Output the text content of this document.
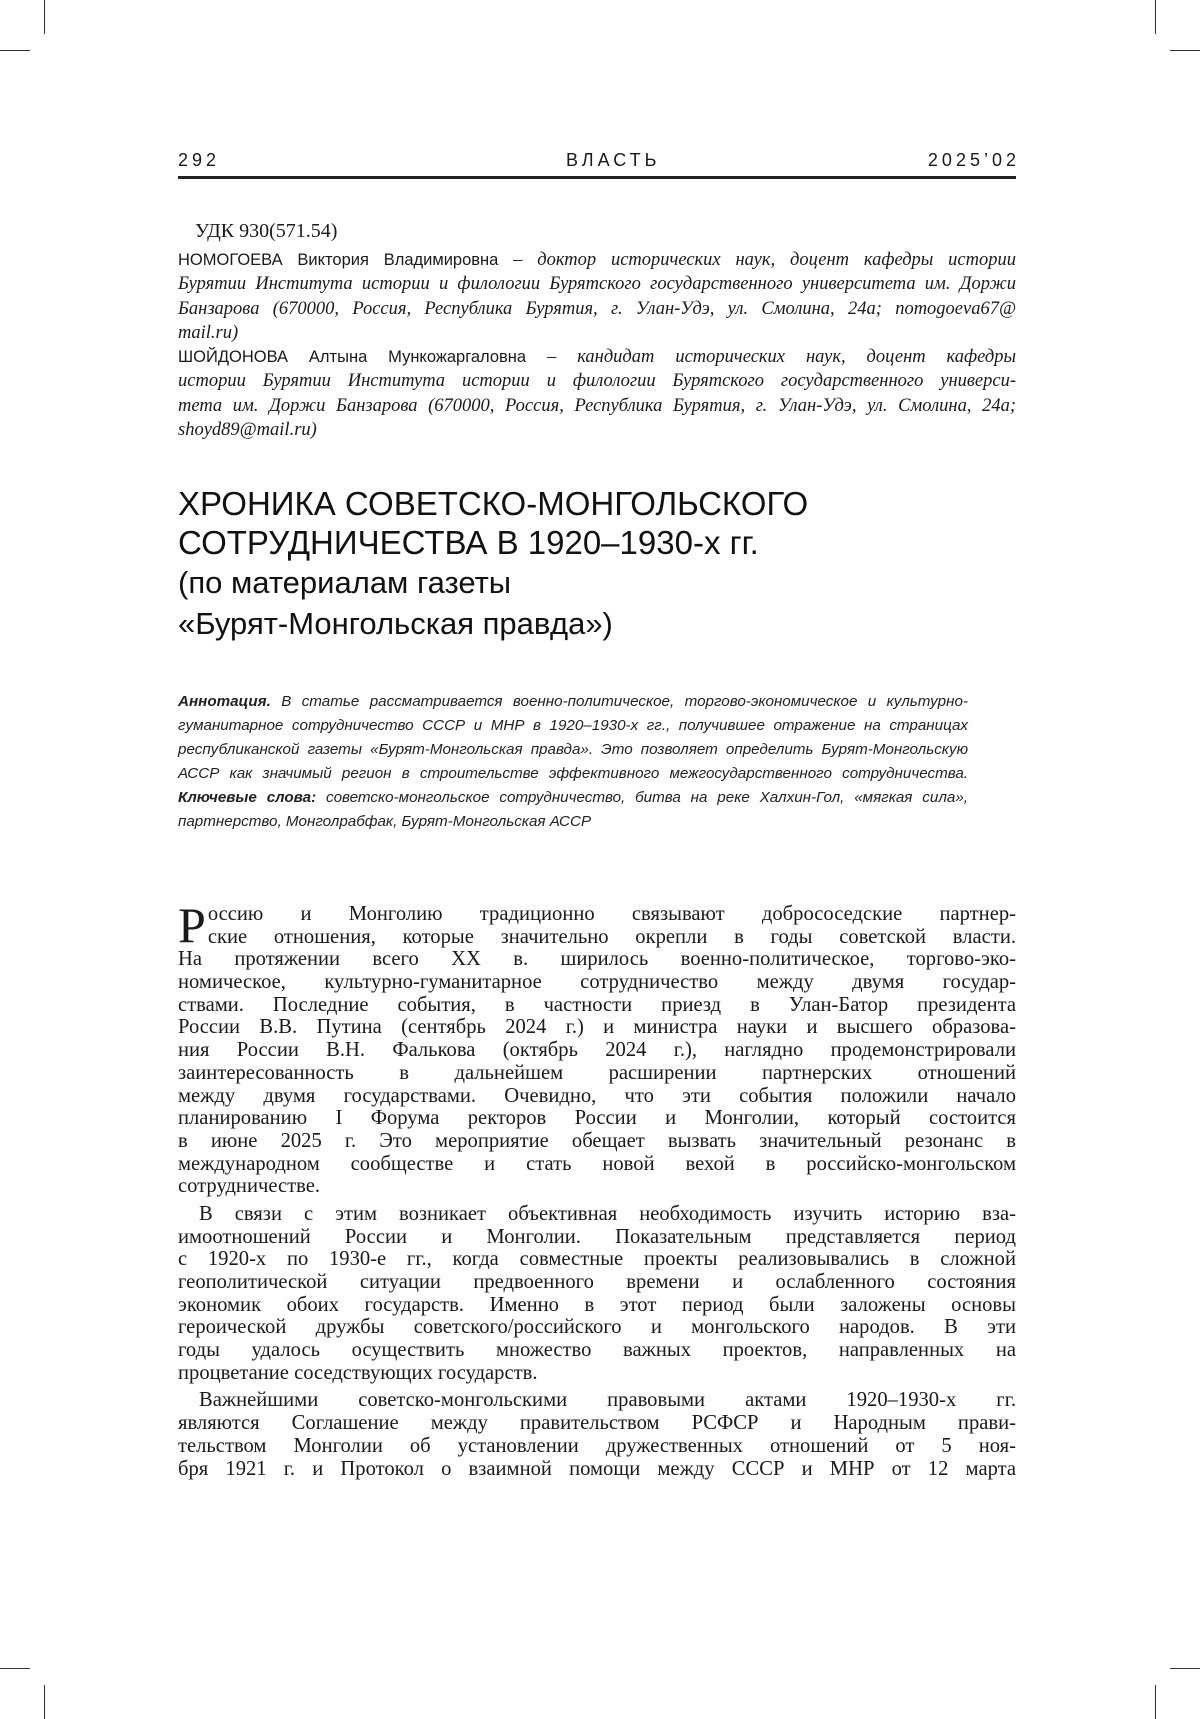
292	ВЛАСТЬ	2025’02
УДК 930(571.54)
НОМОГОЕВА Виктория Владимировна – доктор исторических наук, доцент кафедры истории
Бурятии Института истории и филологии Бурятского государственного университета им. Доржи
Банзарова (670000, Россия, Республика Бурятия, г. Улан-Удэ, ул. Смолина, 24а; nomogoeva67@
mail.ru)
ШОЙДОНОВА Алтына Мункожаргаловна – кандидат исторических наук, доцент кафедры
истории Бурятии Института истории и филологии Бурятского государственного универси-
тета им. Доржи Банзарова (670000, Россия, Республика Бурятия, г. Улан-Удэ, ул. Смолина, 24а;
shoyd89@mail.ru)
ХРОНИКА СОВЕТСКО-МОНГОЛЬСКОГО
СОТРУДНИЧЕСТВА В 1920–1930-х гг.
(по материалам газеты
«Бурят-Монгольская правда»)
Аннотация. В статье рассматривается военно-политическое, торгово-экономическое и культурно-
гуманитарное сотрудничество СССР и МНР в 1920–1930-х гг., получившее отражение на страницах
республиканской газеты «Бурят-Монгольская правда». Это позволяет определить Бурят-Монгольскую
АССР как значимый регион в строительстве эффективного межгосударственного сотрудничества.
Ключевые слова: советско-монгольское сотрудничество, битва на реке Халхин-Гол, «мягкая сила»,
партнерство, Монголрабфак, Бурят-Монгольская АССР
Р оссию и Монголию традиционно связывают добрососедские партнер-
ские отношения, которые значительно окрепли в годы советской власти.
На протяжении всего XX в. ширилось военно-политическое, торгово-эко-
номическое, культурно-гуманитарное сотрудничество между двумя государ-
ствами. Последние события, в частности приезд в Улан-Батор президента
России В.В. Путина (сентябрь 2024 г.) и министра науки и высшего образова-
ния России В.Н. Фалькова (октябрь 2024 г.), наглядно продемонстрировали
заинтересованность в дальнейшем расширении партнерских отношений
между двумя государствами. Очевидно, что эти события положили начало
планированию I Форума ректоров России и Монголии, который состоится
в июне 2025 г. Это мероприятие обещает вызвать значительный резонанс в
международном сообществе и стать новой вехой в российско-монгольском
сотрудничестве.
В связи с этим возникает объективная необходимость изучить историю вза-
имоотношений России и Монголии. Показательным представляется период
с 1920-х по 1930-е гг., когда совместные проекты реализовывались в сложной
геополитической ситуации предвоенного времени и ослабленного состояния
экономик обоих государств. Именно в этот период были заложены основы
героической дружбы советского/российского и монгольского народов. В эти
годы удалось осуществить множество важных проектов, направленных на
процветание соседствующих государств.
Важнейшими советско-монгольскими правовыми актами 1920–1930-х гг.
являются Соглашение между правительством РСФСР и Народным прави-
тельством Монголии об установлении дружественных отношений от 5 ноя-
бря 1921 г. и Протокол о взаимной помощи между СССР и МНР от 12 марта
